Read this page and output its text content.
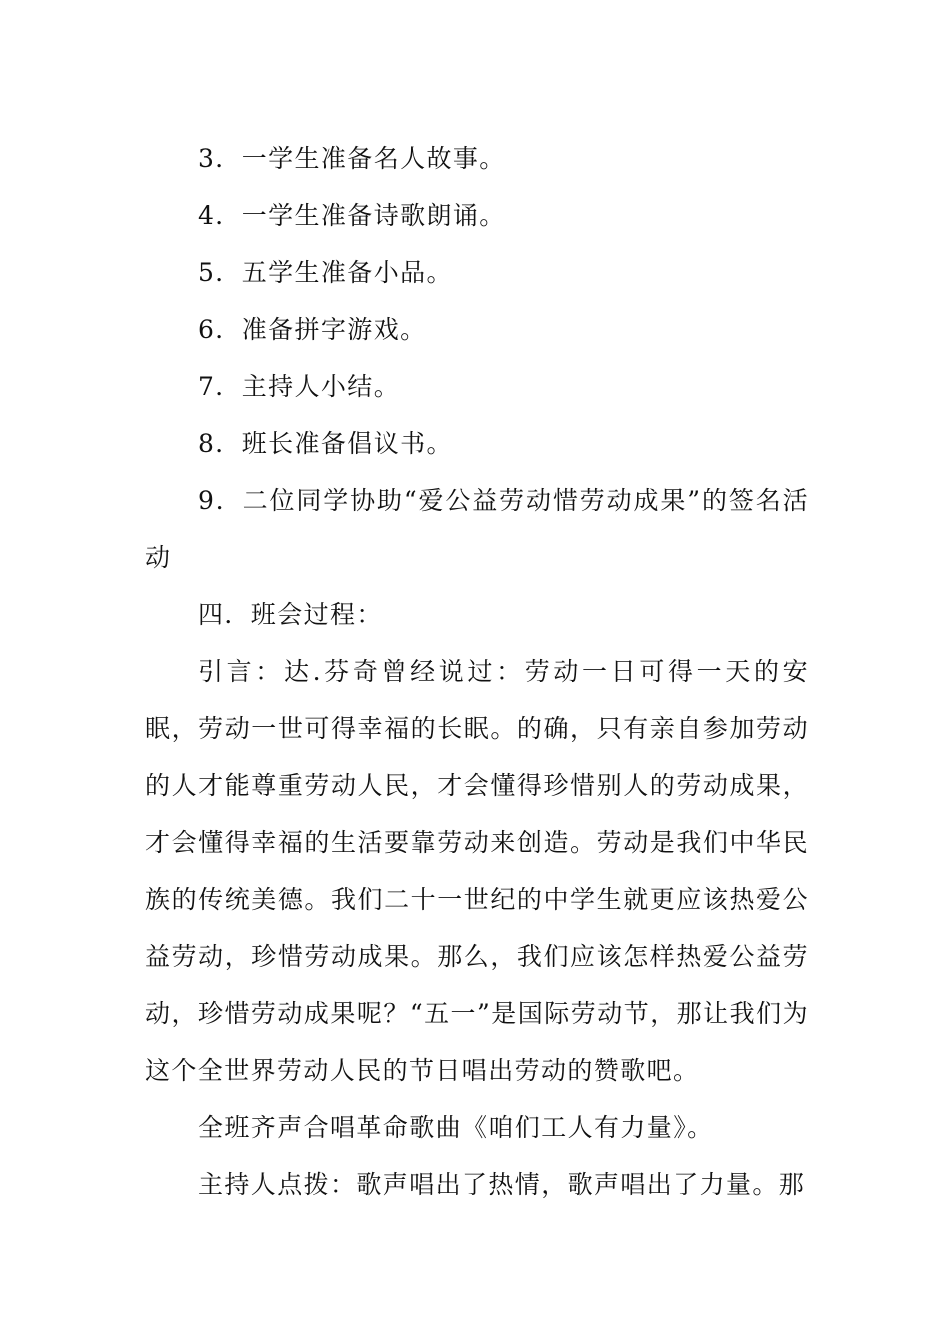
3．一学生准备名人故事。

4．一学生准备诗歌朗诵。

5．五学生准备小品。

6．准备拼字游戏。

7．主持人小结。

8．班长准备倡议书。

9．二位同学协助“爱公益劳动惜劳动成果”的签名活动

四．班会过程：

引言：达.芬奇曾经说过：劳动一日可得一天的安眠，劳动一世可得幸福的长眠。的确，只有亲自参加劳动的人才能尊重劳动人民，才会懂得珍惜别人的劳动成果，才会懂得幸福的生活要靠劳动来创造。劳动是我们中华民族的传统美德。我们二十一世纪的中学生就更应该热爱公益劳动，珍惜劳动成果。那么，我们应该怎样热爱公益劳动，珍惜劳动成果呢？“五一”是国际劳动节，那让我们为这个全世界劳动人民的节日唱出劳动的赞歌吧。

全班齐声合唱革命歌曲《咱们工人有力量》。

主持人点拨：歌声唱出了热情，歌声唱出了力量。那
